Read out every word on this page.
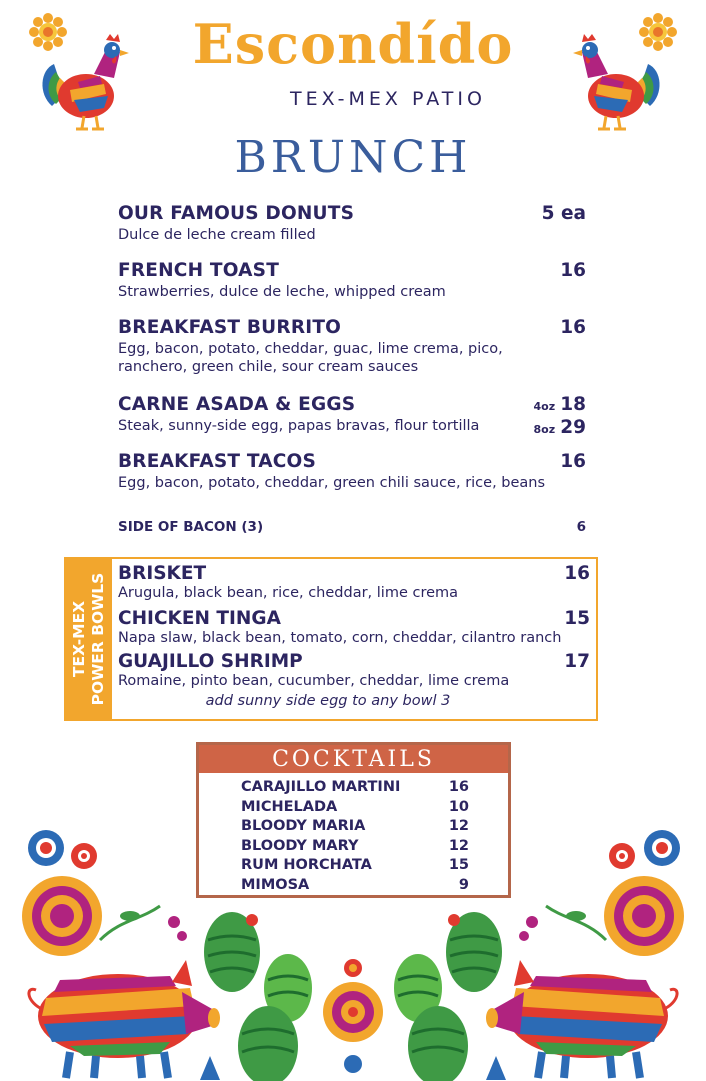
Escondído
TEX-MEX PATIO
BRUNCH
OUR FAMOUS DONUTS
Dulce de leche cream filled
5 ea
FRENCH TOAST
Strawberries, dulce de leche, whipped cream
16
BREAKFAST BURRITO
Egg, bacon, potato, cheddar, guac, lime crema, pico, ranchero, green chile, sour cream sauces
16
CARNE ASADA & EGGS
Steak, sunny-side egg, papas bravas, flour tortilla
4oz 18
8oz 29
BREAKFAST TACOS
Egg, bacon, potato, cheddar, green chili sauce, rice, beans
16
SIDE OF BACON (3)	6
TEX-MEX POWER BOWLS BRISKET
Arugula, black bean, rice, cheddar, lime crema
16
CHICKEN TINGA
Napa slaw, black bean, tomato, corn, cheddar, cilantro ranch
15
GUAJILLO SHRIMP
Romaine, pinto bean, cucumber, cheddar, lime crema
17
add sunny side egg to any bowl 3
COCKTAILS
CARAJILLO MARTINI	16
MICHELADA	10
BLOODY MARIA	12
BLOODY MARY	12
RUM HORCHATA	15
MIMOSA	9
